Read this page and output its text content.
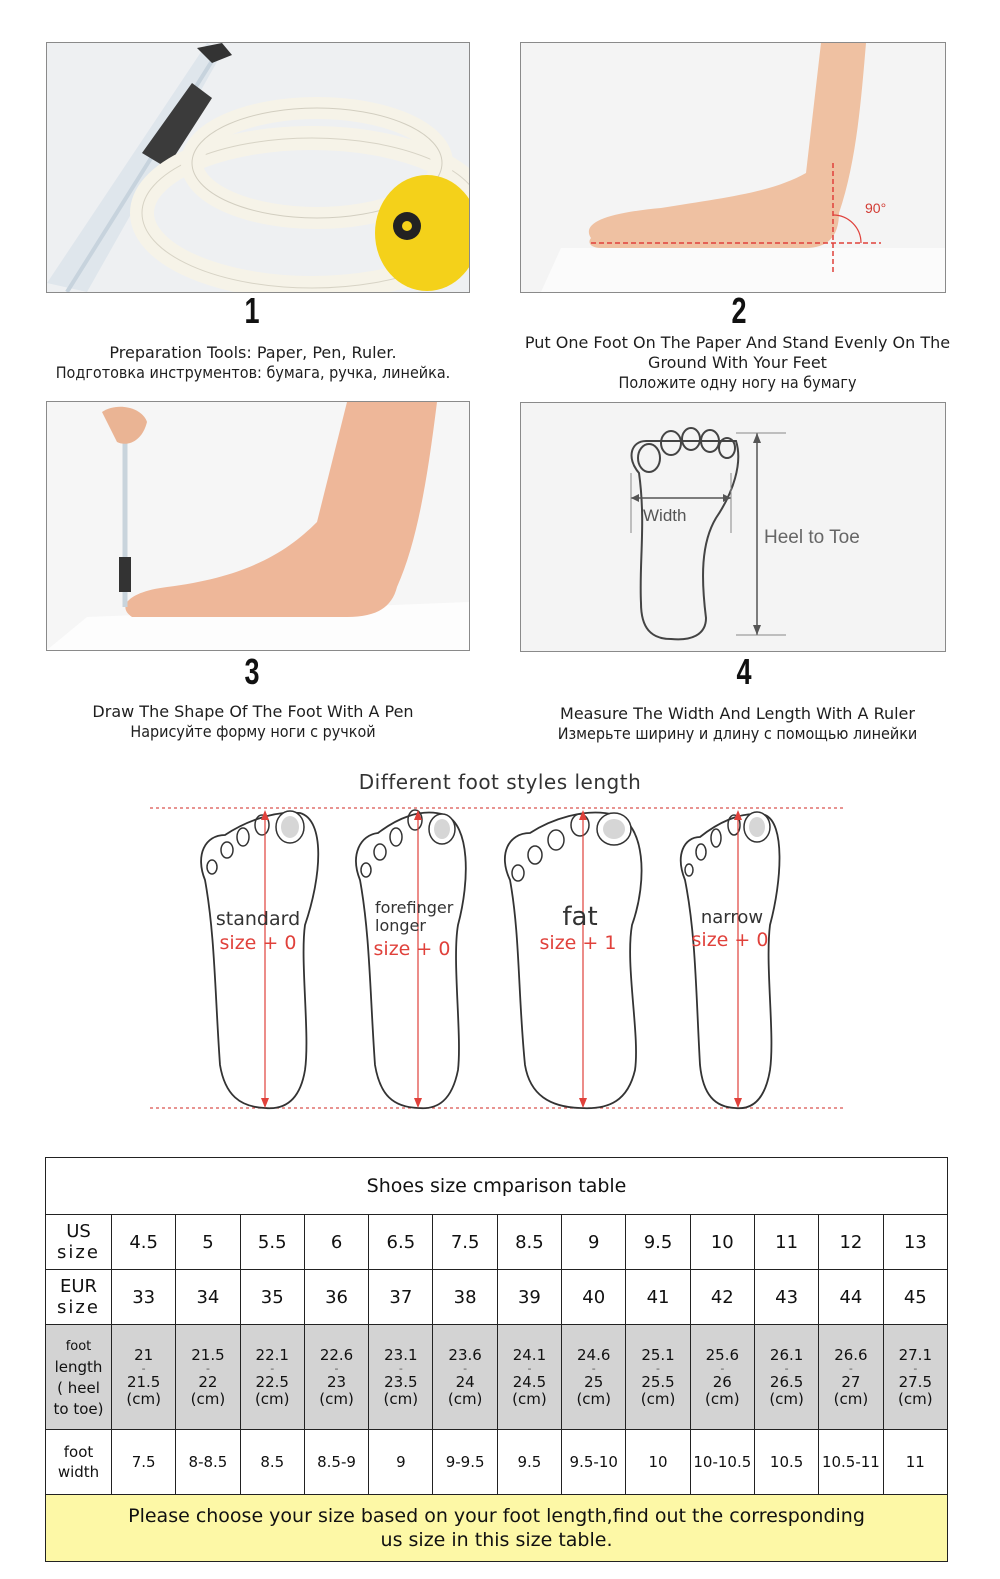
90°
1	2
Preparation Tools: Paper, Pen, Ruler.
Подготовка инструментов: бумага, ручка, линейка.
Put One Foot On The Paper And Stand Evenly On The
Ground With Your Feet
Положите одну ногу на бумагу
Width
Heel to Toe
3	4
Draw The Shape Of The Foot With A Pen
Нарисуйте форму ноги с ручкой
Measure The Width And Length With A Ruler
Измерьте ширину и длину с помощью линейки
Different foot styles length
standard
size + 0
forefinger
longer
size + 0
fat
size + 1
narrow
size + 0
Shoes size cmparison table													
US
size	4.5	5	5.5	6	6.5	7.5	8.5	9	9.5	10	11	12	13
EUR
size	33	34	35	36	37	38	39	40	41	42	43	44	45
foot
length
( heel
to toe)	21
-
21.5
(cm)	21.5
-
22
(cm)	22.1
-
22.5
(cm)	22.6
-
23
(cm)	23.1
-
23.5
(cm)	23.6
-
24
(cm)	24.1
-
24.5
(cm)	24.6
-
25
(cm)	25.1
-
25.5
(cm)	25.6
-
26
(cm)	26.1
-
26.5
(cm)	26.6
-
27
(cm)	27.1
-
27.5
(cm)

foot
width	7.5	8-8.5	8.5	8.5-9	9	9-9.5	9.5	9.5-10	10	10-10.5	10.5	10.5-11	11
Please choose your size based on your foot length,find out the corresponding
us size in this size table.													
